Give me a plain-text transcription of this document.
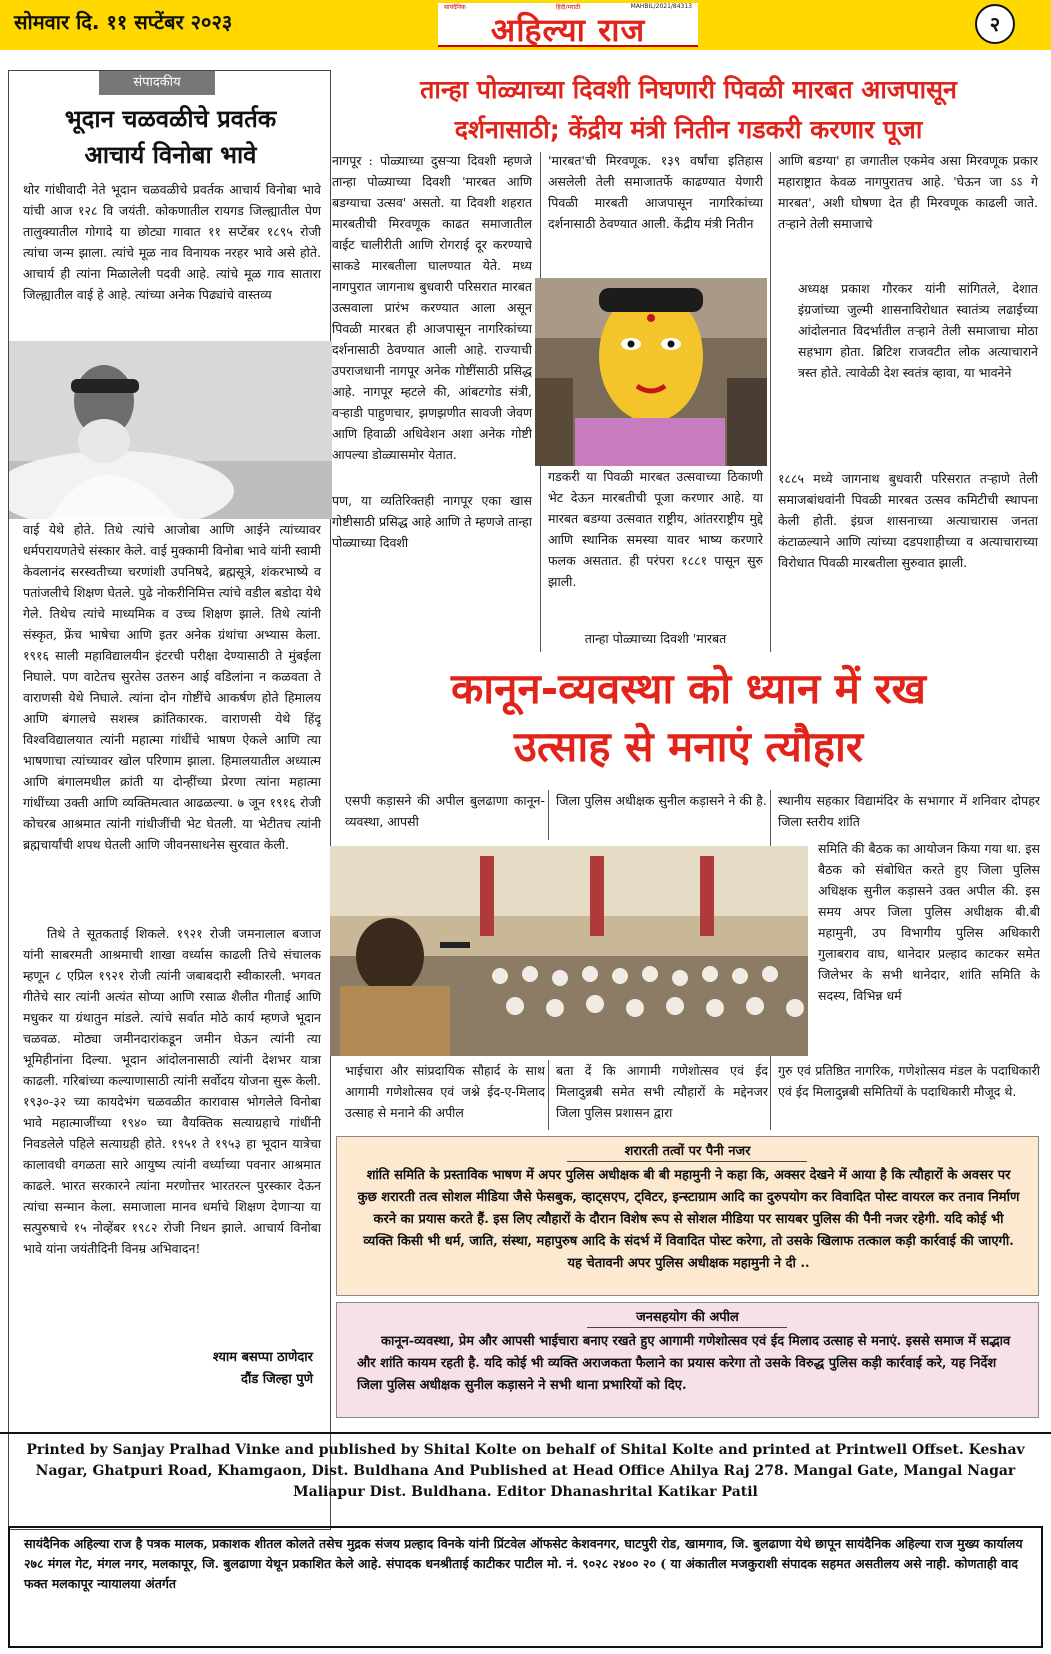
सोमवार दि. ११ सप्टेंबर २०२३
सायंदैनिक	हिंदी/मराठी	MAHBIL/2021/84313
अहिल्या राज	२
संपादकीय
भूदान चळवळीचे प्रवर्तक
आचार्य विनोबा भावे
थोर गांधीवादी नेते भूदान चळवळीचे प्रवर्तक आचार्य विनोबा भावे यांची आज १२८ वि जयंती. कोकणातील रायगड जिल्ह्यातील पेण तालुक्यातील गोगादे या छोट्या गावात ११ सप्टेंबर १८९५ रोजी त्यांचा जन्म झाला. त्यांचे मूळ नाव विनायक नरहर भावे असे होते. आचार्य ही त्यांना मिळालेली पदवी आहे. त्यांचे मूळ गाव सातारा जिल्ह्यातील वाई हे आहे. त्यांच्या अनेक पिढ्यांचे वास्तव्य
वाई येथे होते. तिथे त्यांचे आजोबा आणि आईने त्यांच्यावर धर्मपरायणतेचे संस्कार केले. वाई मुक्कामी विनोबा भावे यांनी स्वामी केवलानंद सरस्वतीच्या चरणांशी उपनिषदे, ब्रह्मसूत्रे, शंकरभाष्ये व पतांजलीचे शिक्षण घेतले. पुढे नोकरीनिमित्त त्यांचे वडील बडोदा येथे गेले. तिथेच त्यांचे माध्यमिक व उच्च शिक्षण झाले. तिथे त्यांनी संस्कृत, फ्रेंच भाषेचा आणि इतर अनेक ग्रंथांचा अभ्यास केला. १९१६ साली महाविद्यालयीन इंटरची परीक्षा देण्यासाठी ते मुंबईला निघाले. पण वाटेतच सुरतेस उतरुन आई वडिलांना न कळवता ते वाराणसी येथे निघाले. त्यांना दोन गोष्टींचे आकर्षण होते हिमालय आणि बंगालचे सशस्त्र क्रांतिकारक. वाराणसी येथे हिंदू विश्वविद्यालयात त्यांनी महात्मा गांधींचे भाषण ऐकले आणि त्या भाषणाचा त्यांच्यावर खोल परिणाम झाला. हिमालयातील अध्यात्म आणि बंगालमधील क्रांती या दोन्हींच्या प्रेरणा त्यांना महात्मा गांधींच्या उक्ती आणि व्यक्तिमत्वात आढळल्या. ७ जून १९१६ रोजी कोचरब आश्रमात त्यांनी गांधीजींची भेट घेतली. या भेटीतच त्यांनी ब्रह्मचार्यांची शपथ घेतली आणि जीवनसाधनेस सुरवात केली.
तिथे ते सूतकताई शिकले. १९२१ रोजी जमनालाल बजाज यांनी साबरमती आश्रमाची शाखा वर्ध्यास काढली तिचे संचालक म्हणून ८ एप्रिल १९२१ रोजी त्यांनी जबाबदारी स्वीकारली. भगवत गीतेचे सार त्यांनी अत्यंत सोप्या आणि रसाळ शैलीत गीताई आणि मधुकर या ग्रंथातुन मांडले. त्यांचे सर्वात मोठे कार्य म्हणजे भूदान चळवळ. मोठ्या जमीनदारांकडून जमीन घेऊन त्यांनी त्या भूमिहीनांना दिल्या. भूदान आंदोलनासाठी त्यांनी देशभर यात्रा काढली. गरिबांच्या कल्याणासाठी त्यांनी सर्वोदय योजना सुरू केली. १९३०-३२ च्या कायदेभंग चळवळीत कारावास भोगलेले विनोबा भावे महात्माजींच्या १९४० च्या वैयक्तिक सत्याग्रहाचे गांधींनी निवडलेले पहिले सत्याग्रही होते. १९५१ ते १९५३ हा भूदान यात्रेचा कालावधी वगळता सारे आयुष्य त्यांनी वर्ध्याच्या पवनार आश्रमात काढले. भारत सरकारने त्यांना मरणोत्तर भारतरत्न पुरस्कार देऊन त्यांचा सन्मान केला. समाजाला मानव धर्माचे शिक्षण देणाऱ्या या सत्पुरुषाचे १५ नोव्हेंबर १९८२ रोजी निधन झाले. आचार्य विनोबा भावे यांना जयंतीदिनी विनम्र अभिवादन!
श्याम बसप्पा ठाणेदार
दौंड जिल्हा पुणे
तान्हा पोळ्याच्या दिवशी निघणारी पिवळी मारबत आजपासून
दर्शनासाठी; केंद्रीय मंत्री नितीन गडकरी करणार पूजा
नागपूर : पोळ्याच्या दुसऱ्या दिवशी म्हणजे तान्हा पोळ्याच्या दिवशी 'मारबत आणि बडग्याचा उत्सव' असतो. या दिवशी शहरात मारबतीची मिरवणूक काढत समाजातील वाईट चालीरीती आणि रोगराई दूर करण्याचे साकडे मारबतीला घालण्यात येते. मध्य नागपुरात जागनाथ बुधवारी परिसरात मारबत उत्सवाला प्रारंभ करण्यात आला असून पिवळी मारबत ही आजपासून नागरिकांच्या दर्शनासाठी ठेवण्यात आली आहे. राज्याची उपराजधानी नागपूर अनेक गोष्टींसाठी प्रसिद्ध आहे. नागपूर म्हटले की, आंबटगोड संत्री, वऱ्हाडी पाहुणचार, झणझणीत सावजी जेवण आणि हिवाळी अधिवेशन अशा अनेक गोष्टी आपल्या डोळ्यासमोर येतात.
पण, या व्यतिरिक्तही नागपूर एका खास गोष्टीसाठी प्रसिद्ध आहे आणि ते म्हणजे तान्हा पोळ्याच्या दिवशी
'मारबत'ची मिरवणूक. १३९ वर्षांचा इतिहास असलेली तेली समाजातर्फे काढण्यात येणारी पिवळी मारबती आजपासून नागरिकांच्या दर्शनासाठी ठेवण्यात आली. केंद्रीय मंत्री नितीन
गडकरी या पिवळी मारबत उत्सवाच्या ठिकाणी भेट देऊन मारबतीची पूजा करणार आहे. या मारबत बडग्या उत्सवात राष्ट्रीय, आंतरराष्ट्रीय मुद्दे आणि स्थानिक समस्या यावर भाष्य करणारे फलक असतात. ही परंपरा १८८१ पासून सुरु झाली.
तान्हा पोळ्याच्या दिवशी 'मारबत
आणि बडग्या' हा जगातील एकमेव असा मिरवणूक प्रकार महाराष्ट्रात केवळ नागपुरातच आहे. 'घेऊन जा ऽऽ गे मारबत', अशी घोषणा देत ही मिरवणूक काढली जाते. तऱ्हाने तेली समाजाचे
अध्यक्ष प्रकाश गौरकर यांनी सांगितले, देशात इंग्रजांच्या जुल्मी शासनाविरोधात स्वातंत्र्य लढाईच्या आंदोलनात विदर्भातील तऱ्हाने तेली समाजाचा मोठा सहभाग होता. ब्रिटिश राजवटीत लोक अत्याचाराने त्रस्त होते. त्यावेळी देश स्वतंत्र व्हावा, या भावनेने
१८८५ मध्ये जागनाथ बुधवारी परिसरात तऱ्हाणे तेली समाजबांधवांनी पिवळी मारबत उत्सव कमिटीची स्थापना केली होती. इंग्रज शासनाच्या अत्याचारास जनता कंटाळल्याने आणि त्यांच्या दडपशाहीच्या व अत्याचाराच्या विरोधात पिवळी मारबतीला सुरुवात झाली.
कानून-व्यवस्था को ध्यान में रख
उत्साह से मनाएं त्यौहार
एसपी कड़ासने की अपील बुलढाणा कानून-व्यवस्था, आपसी
जिला पुलिस अधीक्षक सुनील कड़ासने ने की है. स्थानीय सहकार विद्यामंदिर के सभागार में शनिवार दोपहर जिला स्तरीय शांति
समिति की बैठक का आयोजन किया गया था. इस बैठक को संबोधित करते हुए जिला पुलिस अधिक्षक सुनील कड़ासने उक्त अपील की. इस समय अपर जिला पुलिस अधीक्षक बी.बी महामुनी, उप विभागीय पुलिस अधिकारी गुलाबराव वाघ, थानेदार प्रल्हाद काटकर समेत जिलेभर के सभी थानेदार, शांति समिति के सदस्य, विभिन्न धर्म
भाईचारा और सांप्रदायिक सौहार्द के साथ आगामी गणेशोत्सव एवं जश्ने ईद-ए-मिलाद उत्साह से मनाने की अपील
बता दें कि आगामी गणेशोत्सव एवं ईद मिलादुन्नबी समेत सभी त्यौहारों के मद्देनजर जिला पुलिस प्रशासन द्वारा
गुरु एवं प्रतिष्ठित नागरिक, गणेशोत्सव मंडल के पदाधिकारी एवं ईद मिलादुन्नबी समितियों के पदाधिकारी मौजूद थे.
शरारती तत्वों पर पैनी नजर
शांति समिति के प्रस्ताविक भाषण में अपर पुलिस अधीक्षक बी बी महामुनी ने कहा कि, अक्सर देखने में आया है कि त्यौहारों के अवसर पर कुछ शरारती तत्व सोशल मीडिया जैसे फेसबुक, व्हाट्सएप, ट्विटर, इन्स्टाग्राम आदि का दुरुपयोग कर विवादित पोस्ट वायरल कर तनाव निर्माण करने का प्रयास करते हैं. इस लिए त्यौहारों के दौरान विशेष रूप से सोशल मीडिया पर सायबर पुलिस की पैनी नजर रहेगी. यदि कोई भी व्यक्ति किसी भी धर्म, जाति, संस्था, महापुरुष आदि के संदर्भ में विवादित पोस्ट करेगा, तो उसके खिलाफ तत्काल कड़ी कार्रवाई की जाएगी. यह चेतावनी अपर पुलिस अधीक्षक महामुनी ने दी ..
जनसहयोग की अपील
कानून-व्यवस्था, प्रेम और आपसी भाईचारा बनाए रखते हुए आगामी गणेशोत्सव एवं ईद मिलाद उत्साह से मनाएं. इससे समाज में सद्भाव और शांति कायम रहती है. यदि कोई भी व्यक्ति अराजकता फैलाने का प्रयास करेगा तो उसके विरुद्ध पुलिस कड़ी कार्रवाई करे, यह निर्देश जिला पुलिस अधीक्षक सुनील कड़ासने ने सभी थाना प्रभारियों को दिए.
Printed by Sanjay Pralhad Vinke and published by Shital Kolte on behalf of Shital Kolte and printed at Printwell Offset. Keshav Nagar, Ghatpuri Road, Khamgaon, Dist. Buldhana And Published at Head Office Ahilya Raj 278. Mangal Gate, Mangal Nagar Maliapur Dist. Buldhana. Editor Dhanashrital Katikar Patil
सायंदैनिक अहिल्या राज है पत्रक मालक, प्रकाशक शीतल कोलते तसेच मुद्रक संजय प्रल्हाद विनके यांनी प्रिंटवेल ऑफसेट केशवनगर, घाटपुरी रोड, खामगाव, जि. बुलढाणा येथे छापून सायंदैनिक अहिल्या राज मुख्य कार्यालय २७८ मंगल गेट, मंगल नगर, मलकापूर, जि. बुलढाणा येथून प्रकाशित केले आहे. संपादक धनश्रीताई काटीकर पाटील मो. नं. ९०२८ २४०० २० ( या अंकातील मजकुराशी संपादक सहमत असतीलय असे नाही. कोणताही वाद फक्त मलकापूर न्यायालया अंतर्गत
